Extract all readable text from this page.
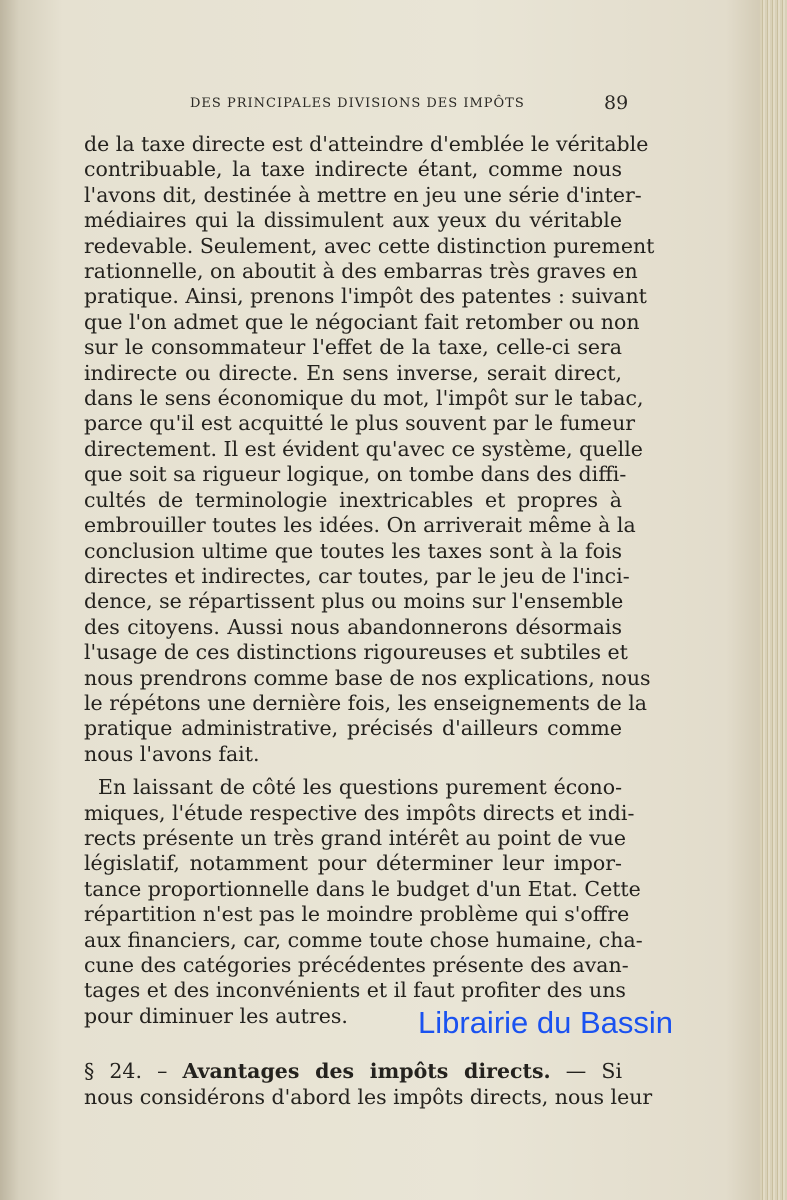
DES PRINCIPALES DIVISIONS DES IMPÔTS	89
de la taxe directe est d'atteindre d'emblée le véritable
contribuable, la taxe indirecte étant, comme nous
l'avons dit, destinée à mettre en jeu une série d'inter-
médiaires qui la dissimulent aux yeux du véritable
redevable. Seulement, avec cette distinction purement
rationnelle, on aboutit à des embarras très graves en
pratique. Ainsi, prenons l'impôt des patentes : suivant
que l'on admet que le négociant fait retomber ou non
sur le consommateur l'effet de la taxe, celle-ci sera
indirecte ou directe. En sens inverse, serait direct,
dans le sens économique du mot, l'impôt sur le tabac,
parce qu'il est acquitté le plus souvent par le fumeur
directement. Il est évident qu'avec ce système, quelle
que soit sa rigueur logique, on tombe dans des diffi-
cultés de terminologie inextricables et propres à
embrouiller toutes les idées. On arriverait même à la
conclusion ultime que toutes les taxes sont à la fois
directes et indirectes, car toutes, par le jeu de l'inci-
dence, se répartissent plus ou moins sur l'ensemble
des citoyens. Aussi nous abandonnerons désormais
l'usage de ces distinctions rigoureuses et subtiles et
nous prendrons comme base de nos explications, nous
le répétons une dernière fois, les enseignements de la
pratique administrative, précisés d'ailleurs comme
nous l'avons fait.
En laissant de côté les questions purement écono-
miques, l'étude respective des impôts directs et indi-
rects présente un très grand intérêt au point de vue
législatif, notamment pour déterminer leur impor-
tance proportionnelle dans le budget d'un Etat. Cette
répartition n'est pas le moindre problème qui s'offre
aux financiers, car, comme toute chose humaine, cha-
cune des catégories précédentes présente des avan-
tages et des inconvénients et il faut profiter des uns
pour diminuer les autres.
§ 24. – Avantages des impôts directs. — Si
nous considérons d'abord les impôts directs, nous leur
Librairie du Bassin
